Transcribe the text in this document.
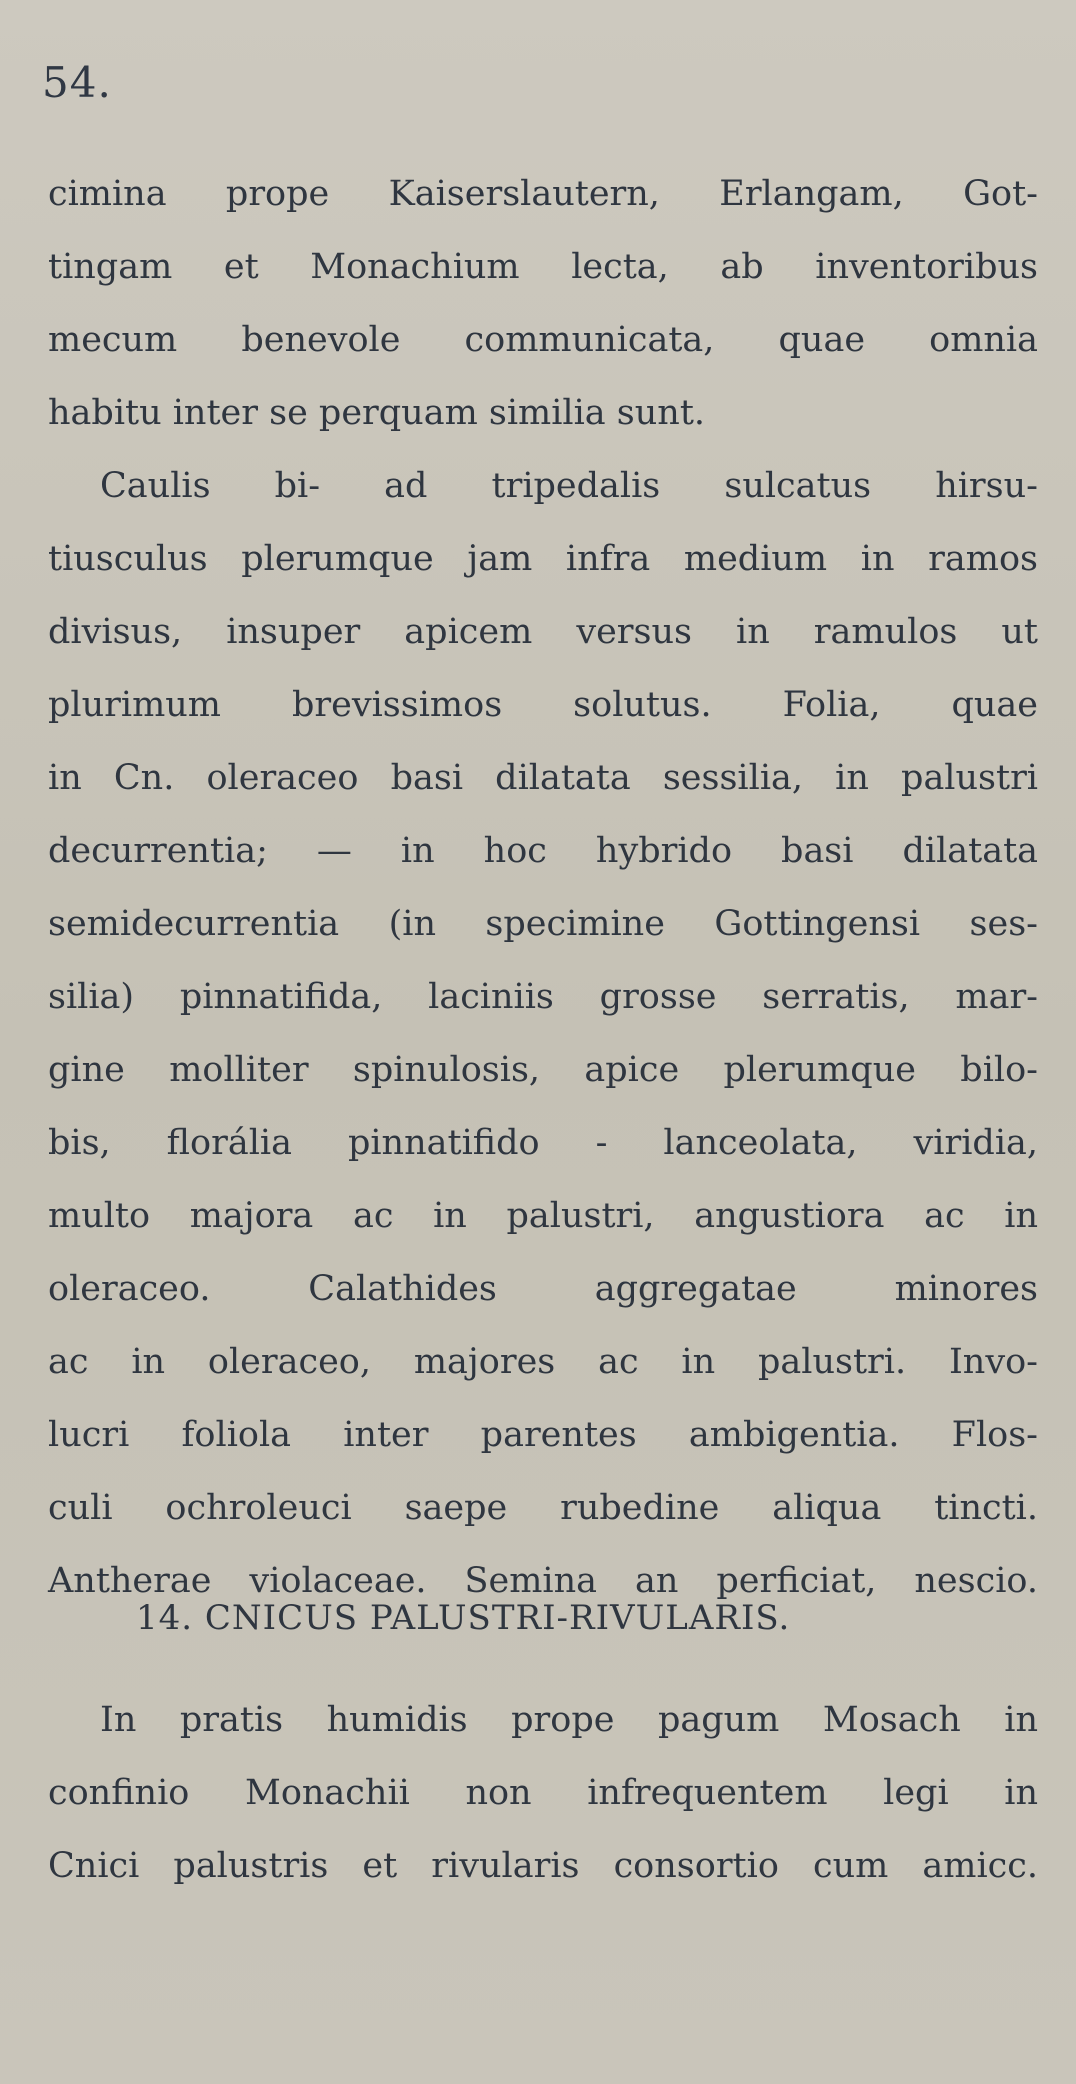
54.
cimina prope Kaiserslautern, Erlangam, Got-
tingam et Monachium lecta, ab inventoribus
mecum benevole communicata, quae omnia
habitu inter se perquam similia sunt.
Caulis bi- ad tripedalis sulcatus hirsu-
tiusculus plerumque jam infra medium in ramos
divisus, insuper apicem versus in ramulos ut
plurimum brevissimos solutus. Folia, quae
in Cn. oleraceo basi dilatata sessilia, in palustri
decurrentia; — in hoc hybrido basi dilatata
semidecurrentia (in specimine Gottingensi ses-
silia) pinnatifida, laciniis grosse serratis, mar-
gine molliter spinulosis, apice plerumque bilo-
bis, florália pinnatifido - lanceolata, viridia,
multo majora ac in palustri, angustiora ac in
oleraceo. Calathides aggregatae minores
ac in oleraceo, majores ac in palustri. Invo-
lucri foliola inter parentes ambigentia. Flos-
culi ochroleuci saepe rubedine aliqua tincti.
Antherae violaceae. Semina an perficiat, nescio.
14. CNICUS PALUSTRI-RIVULARIS.
In pratis humidis prope pagum Mosach in
confinio Monachii non infrequentem legi in
Cnici palustris et rivularis consortio cum amicc.
